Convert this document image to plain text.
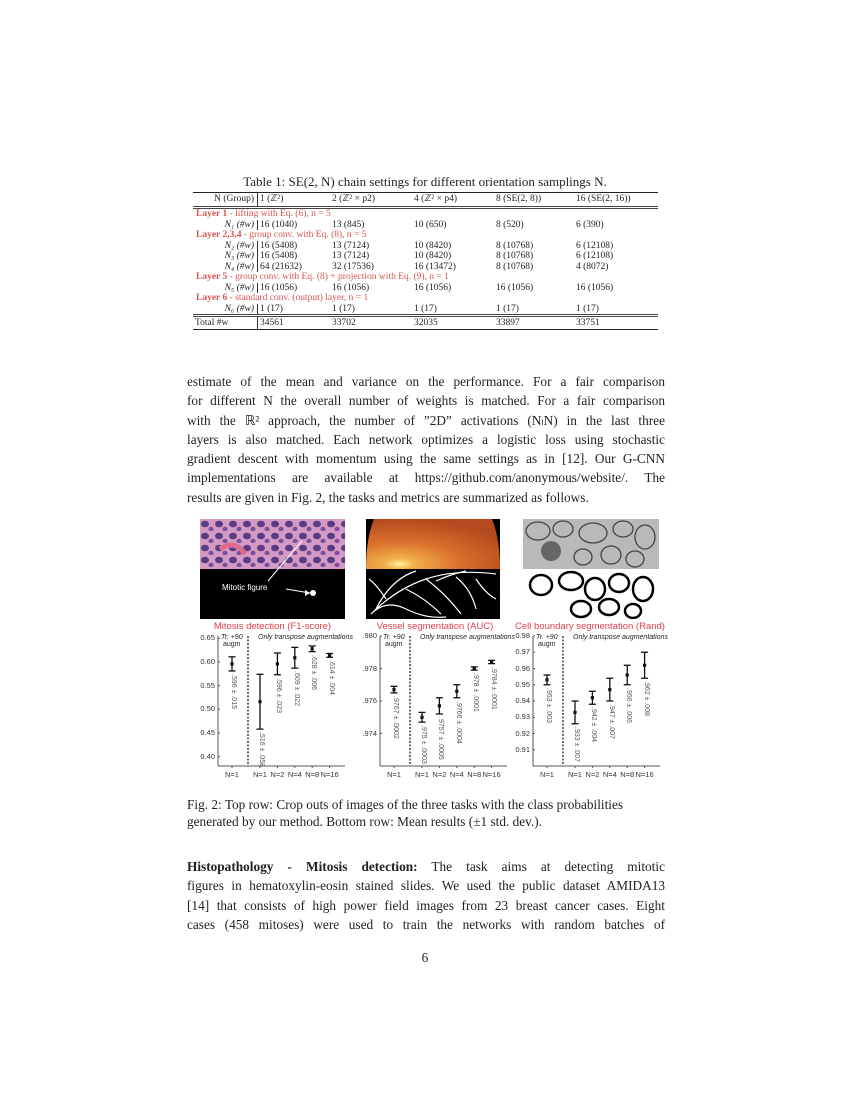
Table 1: SE(2, N) chain settings for different orientation samplings N.
N (Group) 1 (ℤ²)	2 (ℤ² × p2)	4 (ℤ² × p4)	8 (SE(2, 8))	16 (SE(2, 16))
Layer 1 - lifting with Eq. (6), n = 5
N₁ (#w) 16 (1040)	13 (845)	10 (650)	8 (520)	6 (390)
Layer 2,3,4 - group conv. with Eq. (8), n = 5
N₂ (#w) 16 (5408)	13 (7124)	10 (8420)	8 (10768)	6 (12108)
N₃ (#w) 16 (5408)	13 (7124)	10 (8420)	8 (10768)	6 (12108)
N₄ (#w) 64 (21632)	32 (17536)	16 (13472)	8 (10768)	4 (8072)
Layer 5 - group conv. with Eq. (8) + projection with Eq. (9), n = 1
N₅ (#w) 16 (1056)	16 (1056)	16 (1056)	16 (1056)	16 (1056)
Layer 6 - standard conv. (output) layer, n = 1
N₆ (#w) 1 (17)	1 (17)	1 (17)	1 (17)	1 (17)
Total #w	34561	33702	32035	33897	33751
estimate of the mean and variance on the performance. For a fair comparison
for different N the overall number of weights is matched. For a fair comparison
with the ℝ² approach, the number of ”2D” activations (NₗN) in the last three
layers is also matched. Each network optimizes a logistic loss using stochastic
gradient descent with momentum using the same settings as in [12]. Our G-CNN
implementations are available at https://github.com/anonymous/website/. The
results are given in Fig. 2, the tasks and metrics are summarized as follows.
Mitotic figure
Mitosis detection (F1-score)	Vessel segmentation (AUC)	Cell boundary segmentation (Rand)
0.40
0.45
0.50
0.55
0.60
0.65
N=1	N=1 N=2 N=4 N=8 N=16
Tr. +90
augm
Only transpose augmentations
.596 ± .015
.516 ± .058
.596 ± .023 .609 ± .022 .628 ± .006 .614 ± .004
.974
.976
.978
.980
N=1	N=1 N=2 N=4 N=8 N=16
Tr. +90
augm
Only transpose augmentations
.9767 ± .0002
.975 ± .0003 .9757 ± .0005 .9766 ± .0004
.978 ± .0001 .9784 ± .0001
0.91
0.92
0.93
0.94
0.95
0.96
0.97
0.98
N=1	N=1 N=2 N=4 N=8 N=16
Tr. +90
augm
Only transpose augmentations
.953 ± .003
.933 ± .007
.942 ± .004 .947 ± .007 .956 ± .006 .962 ± .008
Fig. 2: Top row: Crop outs of images of the three tasks with the class probabilities
generated by our method. Bottom row: Mean results (±1 std. dev.).
Histopathology - Mitosis detection: The task aims at detecting mitotic
figures in hematoxylin-eosin stained slides. We used the public dataset AMIDA13
[14] that consists of high power field images from 23 breast cancer cases. Eight
cases (458 mitoses) were used to train the networks with random batches of
6
